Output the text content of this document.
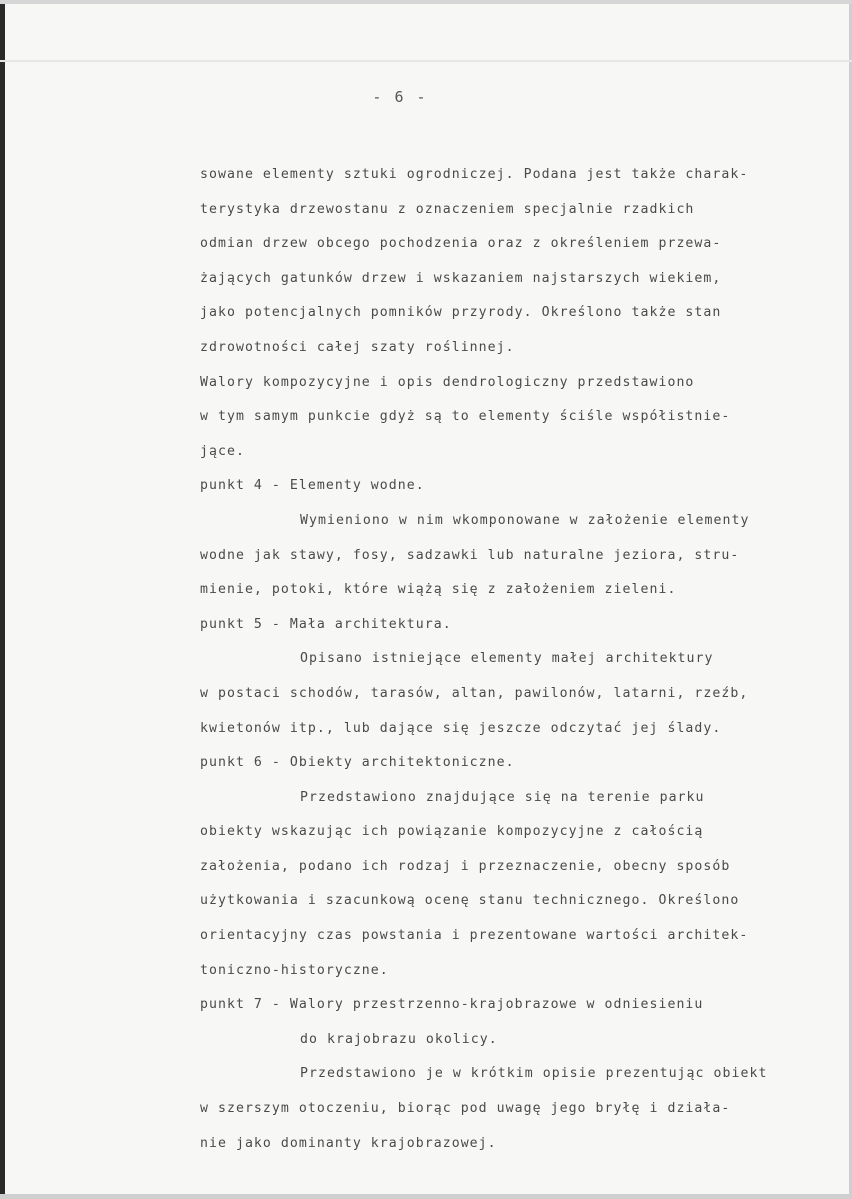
- 6 -
sowane elementy sztuki ogrodniczej. Podana jest także charak-
terystyka drzewostanu z oznaczeniem specjalnie rzadkich
odmian drzew obcego pochodzenia oraz z określeniem przewa-
żających gatunków drzew i wskazaniem najstarszych wiekiem,
jako potencjalnych pomników przyrody. Określono także stan
zdrowotności całej szaty roślinnej.
Walory kompozycyjne i opis dendrologiczny przedstawiono
w tym samym punkcie gdyż są to elementy ściśle współistnie-
jące.
punkt 4 - Elementy wodne.
Wymieniono w nim wkomponowane w założenie elementy
wodne jak stawy, fosy, sadzawki lub naturalne jeziora, stru-
mienie, potoki, które wiążą się z założeniem zieleni.
punkt 5 - Mała architektura.
Opisano istniejące elementy małej architektury
w postaci schodów, tarasów, altan, pawilonów, latarni, rzeźb,
kwietonów itp., lub dające się jeszcze odczytać jej ślady.
punkt 6 - Obiekty architektoniczne.
Przedstawiono znajdujące się na terenie parku
obiekty wskazując ich powiązanie kompozycyjne z całością
założenia, podano ich rodzaj i przeznaczenie, obecny sposób
użytkowania i szacunkową ocenę stanu technicznego. Określono
orientacyjny czas powstania i prezentowane wartości architek-
toniczno-historyczne.
punkt 7 - Walory przestrzenno-krajobrazowe w odniesieniu
do krajobrazu okolicy.
Przedstawiono je w krótkim opisie prezentując obiekt
w szerszym otoczeniu, biorąc pod uwagę jego bryłę i działa-
nie jako dominanty krajobrazowej.
